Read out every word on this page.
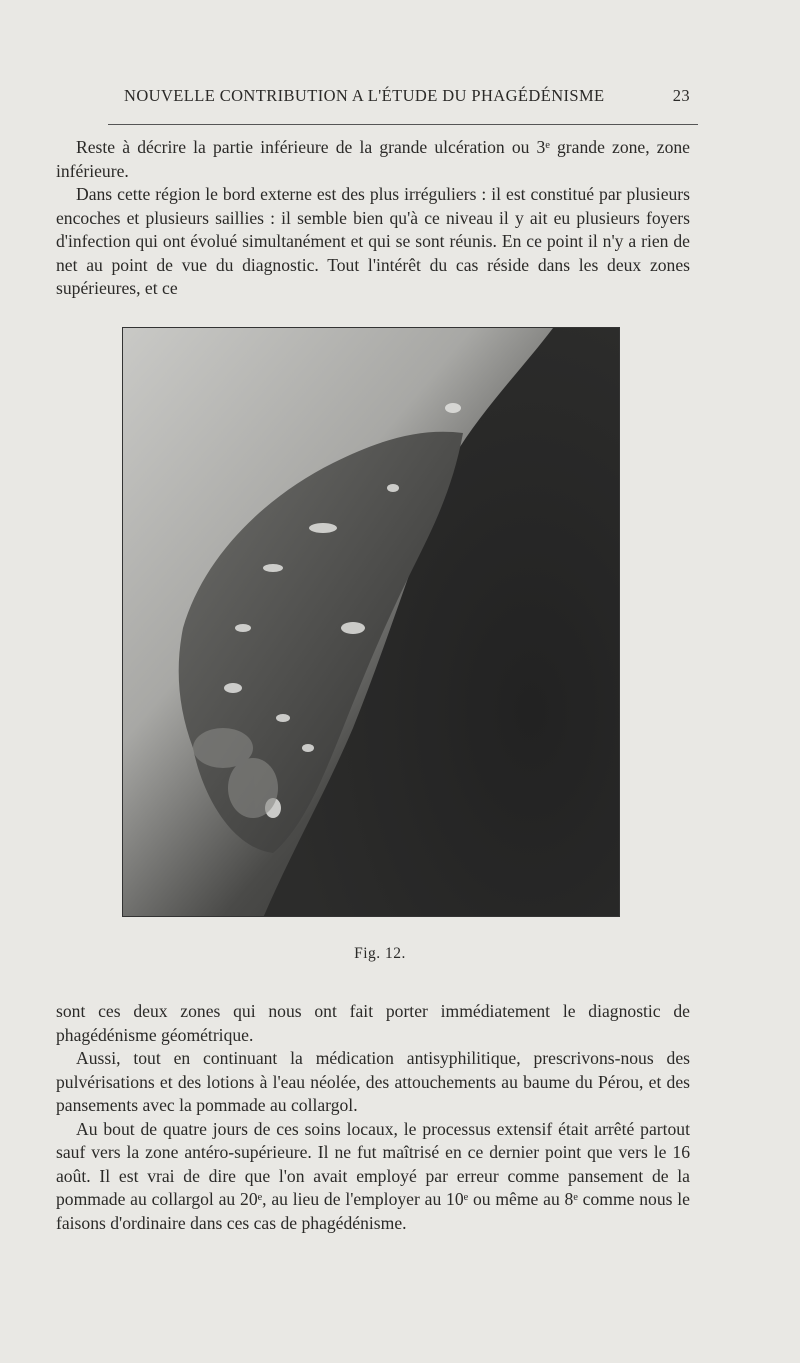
NOUVELLE CONTRIBUTION A L'ÉTUDE DU PHAGÉDÉNISME	23

Reste à décrire la partie inférieure de la grande ulcération ou 3ᵉ grande zone, zone inférieure.

Dans cette région le bord externe est des plus irréguliers : il est constitué par plusieurs encoches et plusieurs saillies : il semble bien qu'à ce niveau il y ait eu plusieurs foyers d'infection qui ont évolué simultanément et qui se sont réunis. En ce point il n'y a rien de net au point de vue du diagnostic. Tout l'intérêt du cas réside dans les deux zones supérieures, et ce

Fig. 12.

sont ces deux zones qui nous ont fait porter immédiatement le diagnostic de phagédénisme géométrique.

Aussi, tout en continuant la médication antisyphilitique, prescrivons-nous des pulvérisations et des lotions à l'eau néolée, des attouchements au baume du Pérou, et des pansements avec la pommade au collargol.

Au bout de quatre jours de ces soins locaux, le processus extensif était arrêté partout sauf vers la zone antéro-supérieure. Il ne fut maîtrisé en ce dernier point que vers le 16 août. Il est vrai de dire que l'on avait employé par erreur comme pansement de la pommade au collargol au 20ᵉ, au lieu de l'employer au 10ᵉ ou même au 8ᵉ comme nous le faisons d'ordinaire dans ces cas de phagédénisme.
